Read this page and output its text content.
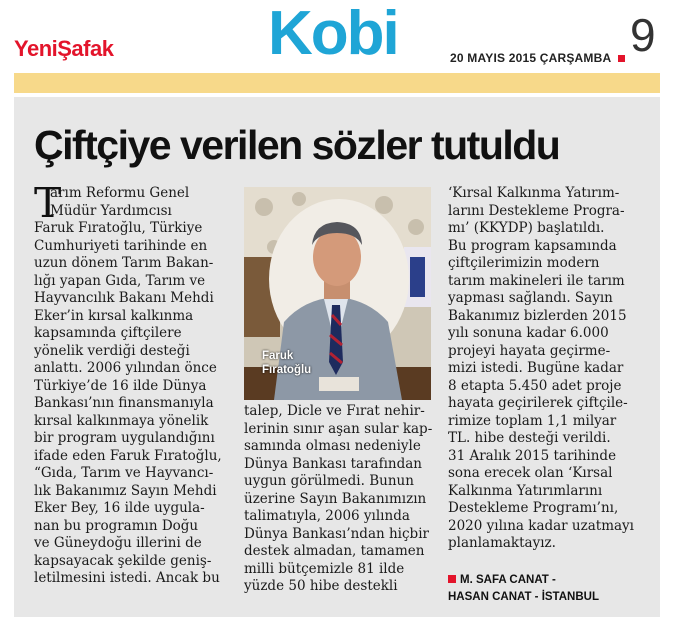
YeniŞafak Kobi	20 MAYIS 2015 ÇARŞAMBA 9
Çiftçiye verilen sözler tutuldu
T
arım Reformu Genel
Müdür Yardımcısı
Faruk Fıratoğlu, Türkiye
Cumhuriyeti tarihinde en
uzun dönem Tarım Bakan-
lığı yapan Gıda, Tarım ve
Hayvancılık Bakanı Mehdi
Eker’in kırsal kalkınma
kapsamında çiftçilere
yönelik verdiği desteği
anlattı. 2006 yılından önce
Türkiye’de 16 ilde Dünya
Bankası’nın finansmanıyla
kırsal kalkınmaya yönelik
bir program uygulandığını
ifade eden Faruk Fıratoğlu,
“Gıda, Tarım ve Hayvancı-
lık Bakanımız Sayın Mehdi
Eker Bey, 16 ilde uygula-
nan bu programın Doğu
ve Güneydoğu illerini de
kapsayacak şekilde geniş-
letilmesini istedi. Ancak bu
talep, Dicle ve Fırat nehir-
lerinin sınır aşan sular kap-
samında olması nedeniyle
Dünya Bankası tarafından
uygun görülmedi. Bunun
üzerine Sayın Bakanımızın
talimatıyla, 2006 yılında
Dünya Bankası’ndan hiçbir
destek almadan, tamamen
milli bütçemizle 81 ilde
yüzde 50 hibe destekli
‘Kırsal Kalkınma Yatırım-
larını Destekleme Progra-
mı’ (KKYDP) başlatıldı.
Bu program kapsamında
çiftçilerimizin modern
tarım makineleri ile tarım
yapması sağlandı. Sayın
Bakanımız bizlerden 2015
yılı sonuna kadar 6.000
projeyi hayata geçirme-
mizi istedi. Bugüne kadar
8 etapta 5.450 adet proje
hayata geçirilerek çiftçile-
rimize toplam 1,1 milyar
TL. hibe desteği verildi.
31 Aralık 2015 tarihinde
sona erecek olan ‘Kırsal
Kalkınma Yatırımlarını
Destekleme Programı’nı,
2020 yılına kadar uzatmayı
planlamaktayız.
Faruk
Fıratoğlu
M. SAFA CANAT -
HASAN CANAT - İSTANBUL
